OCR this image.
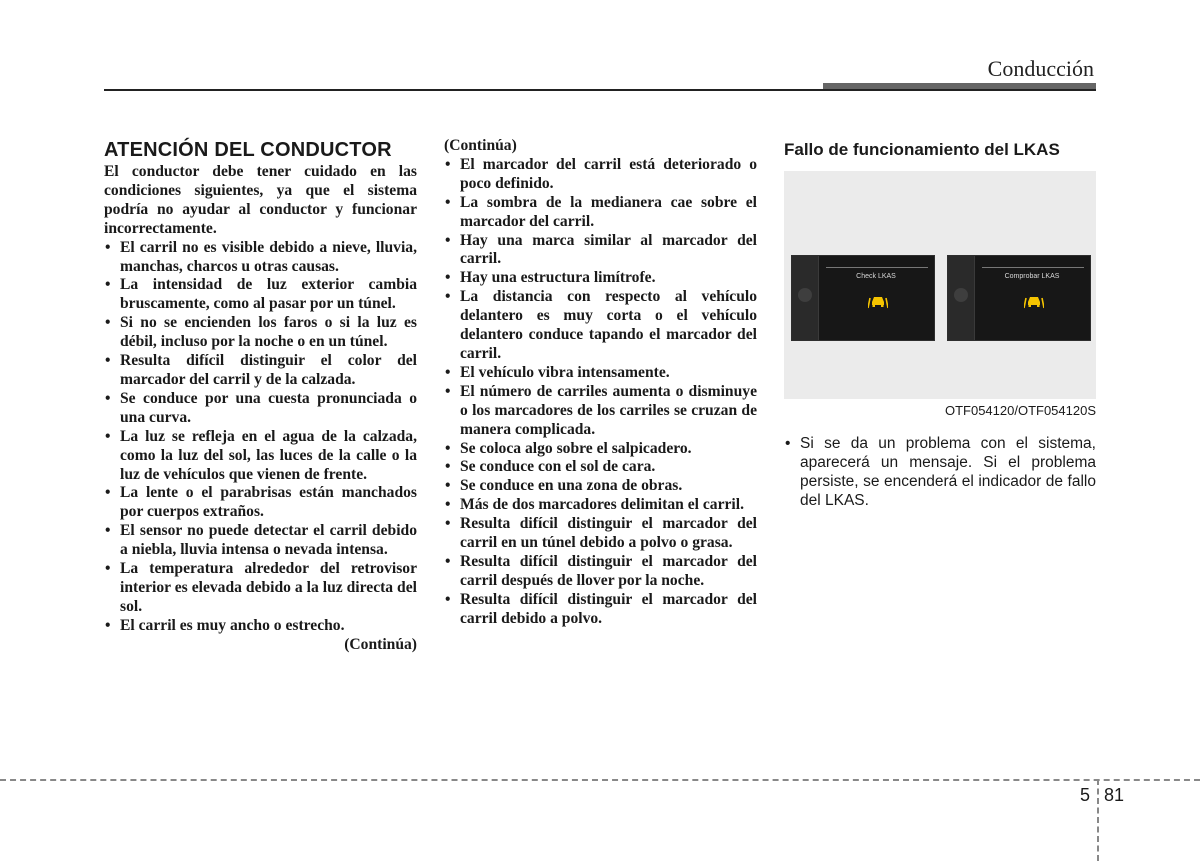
Conducción
ATENCIÓN DEL CONDUCTOR

El conductor debe tener cuidado en las condiciones siguientes, ya que el sistema podría no ayudar al conductor y funcionar incorrectamente.

• El carril no es visible debido a nieve, lluvia, manchas, charcos u otras causas.
• La intensidad de luz exterior cambia bruscamente, como al pasar por un túnel.
• Si no se encienden los faros o si la luz es débil, incluso por la noche o en un túnel.
• Resulta difícil distinguir el color del marcador del carril y de la calzada.
• Se conduce por una cuesta pronunciada o una curva.
• La luz se refleja en el agua de la calzada, como la luz del sol, las luces de la calle o la luz de vehículos que vienen de frente.
• La lente o el parabrisas están manchados por cuerpos extraños.
• El sensor no puede detectar el carril debido a niebla, lluvia intensa o nevada intensa.
• La temperatura alrededor del retrovisor interior es elevada debido a la luz directa del sol.
• El carril es muy ancho o estrecho.

(Continúa)

(Continúa)

• El marcador del carril está deteriorado o poco definido.
• La sombra de la medianera cae sobre el marcador del carril.
• Hay una marca similar al marcador del carril.
• Hay una estructura limítrofe.
• La distancia con respecto al vehículo delantero es muy corta o el vehículo delantero conduce tapando el marcador del carril.
• El vehículo vibra intensamente.
• El número de carriles aumenta o disminuye o los marcadores de los carriles se cruzan de manera complicada.
• Se coloca algo sobre el salpicadero.
• Se conduce con el sol de cara.
• Se conduce en una zona de obras.
• Más de dos marcadores delimitan el carril.
• Resulta difícil distinguir el marcador del carril en un túnel debido a polvo o grasa.
• Resulta difícil distinguir el marcador del carril después de llover por la noche.
• Resulta difícil distinguir el marcador del carril debido a polvo.
Fallo de funcionamiento del LKAS
Check LKAS	Comprobar LKAS
OTF054120/OTF054120S
• Si se da un problema con el sistema, aparecerá un mensaje. Si el problema persiste, se encenderá el indicador de fallo del LKAS.
5 81
